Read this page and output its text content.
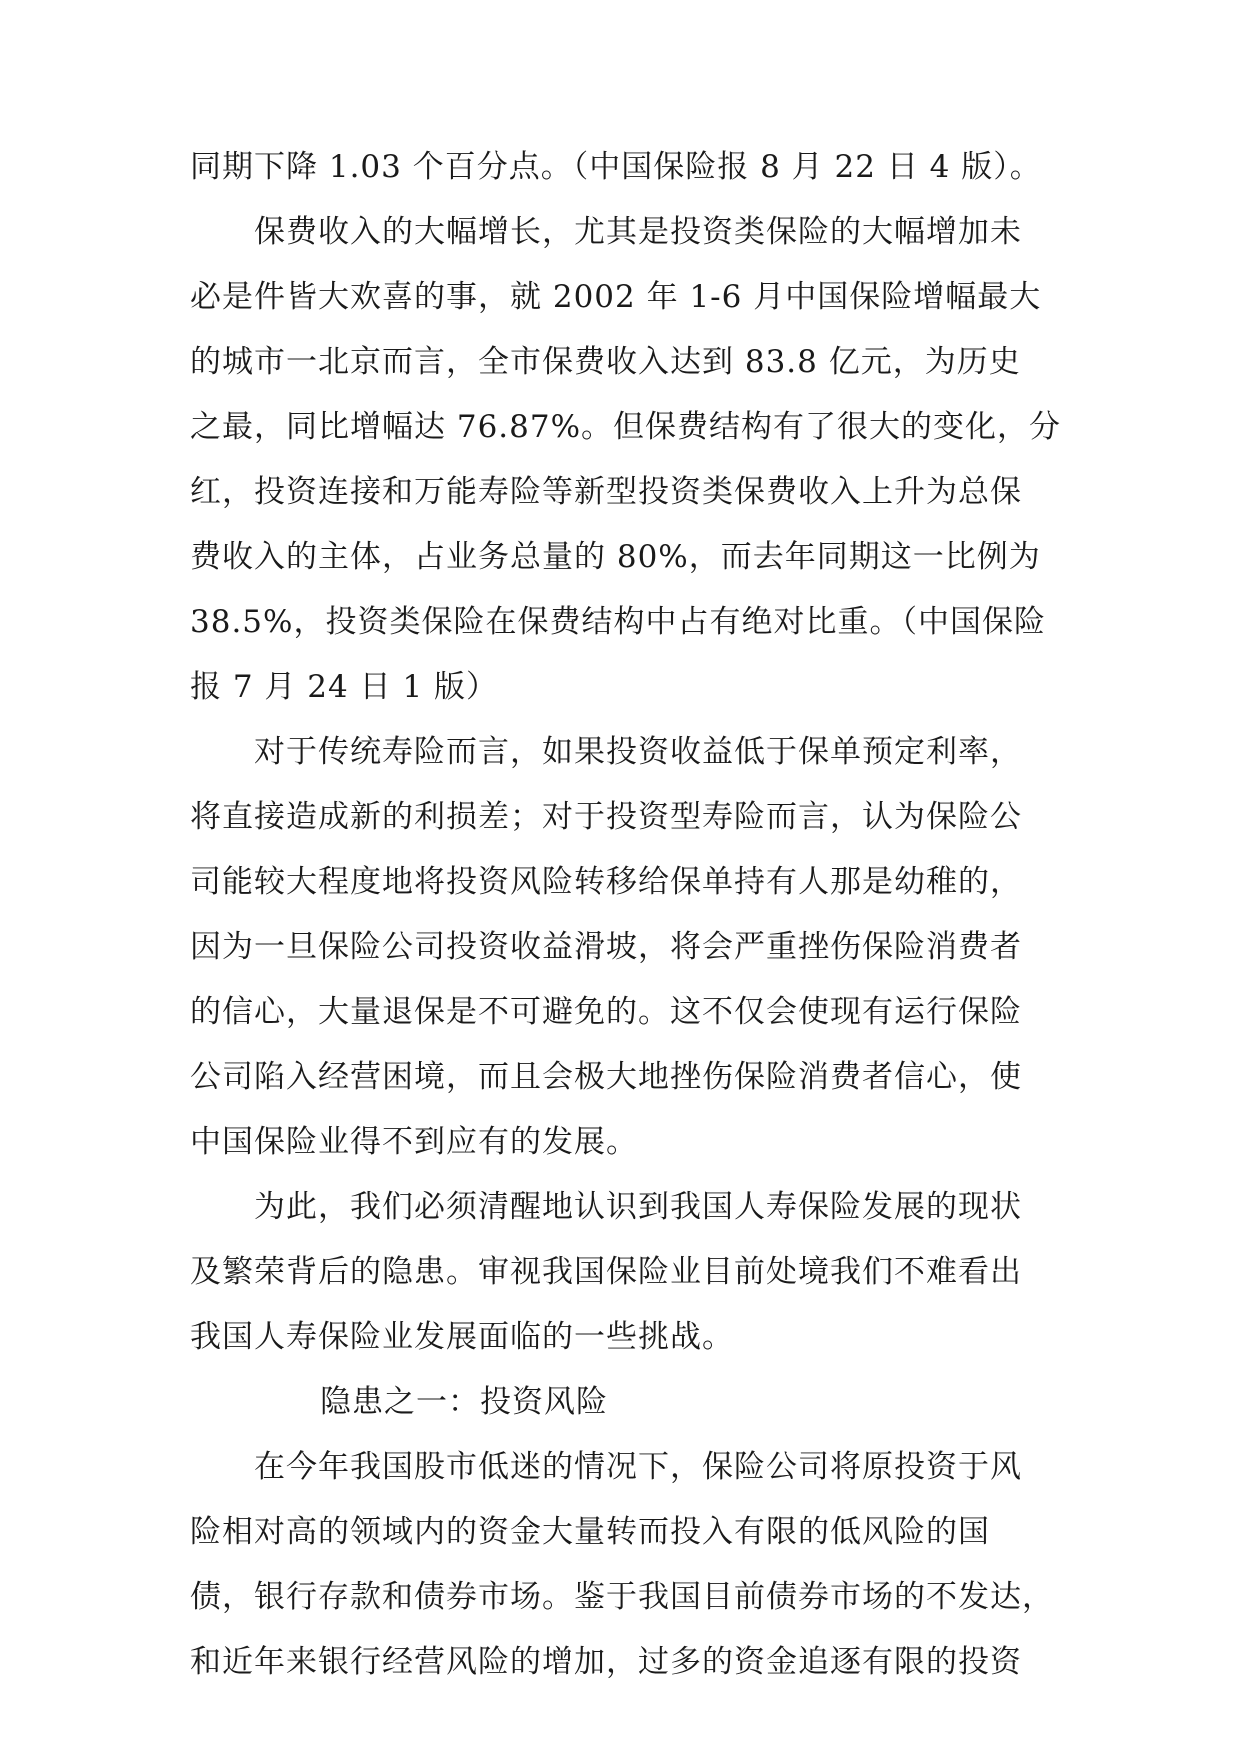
同期下降 1.03 个百分点。（中国保险报 8 月 22 日 4 版）。
保费收入的大幅增长，尤其是投资类保险的大幅增加未
必是件皆大欢喜的事，就 2002 年 1-6 月中国保险增幅最大
的城市一北京而言，全市保费收入达到 83.8 亿元，为历史
之最，同比增幅达 76.87%。但保费结构有了很大的变化，分
红，投资连接和万能寿险等新型投资类保费收入上升为总保
费收入的主体，占业务总量的 80%，而去年同期这一比例为
38.5%，投资类保险在保费结构中占有绝对比重。（中国保险
报 7 月 24 日 1 版）
对于传统寿险而言，如果投资收益低于保单预定利率，
将直接造成新的利损差；对于投资型寿险而言，认为保险公
司能较大程度地将投资风险转移给保单持有人那是幼稚的，
因为一旦保险公司投资收益滑坡，将会严重挫伤保险消费者
的信心，大量退保是不可避免的。这不仅会使现有运行保险
公司陷入经营困境，而且会极大地挫伤保险消费者信心，使
中国保险业得不到应有的发展。
为此，我们必须清醒地认识到我国人寿保险发展的现状
及繁荣背后的隐患。审视我国保险业目前处境我们不难看出
我国人寿保险业发展面临的一些挑战。
隐患之一：投资风险
在今年我国股市低迷的情况下，保险公司将原投资于风
险相对高的领域内的资金大量转而投入有限的低风险的国
债，银行存款和债券市场。鉴于我国目前债券市场的不发达，
和近年来银行经营风险的增加，过多的资金追逐有限的投资
